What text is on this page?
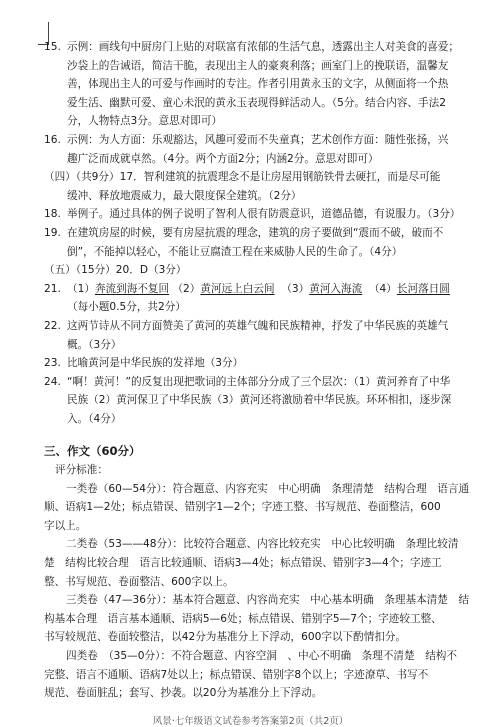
15. 示例：画线句中厨房门上贴的对联富有浓郁的生活气息，透露出主人对美食的喜爱；
沙袋上的告诫语，简洁干脆，表现出主人的豪爽利落；画室门上的挽联语，温馨友
善，体现出主人的可爱与作画时的专注。作者引用黄永玉的文字，从侧面将一个热
爱生活、幽默可爱、童心未泯的黄永玉表现得鲜活动人。（5分。结合内容、手法2
分，人物特点3分。意思对即可）
16. 示例：为人方面：乐观豁达，风趣可爱而不失童真；艺术创作方面：随性张扬，兴
趣广泛而成就卓然。（4分。两个方面2分；内涵2分。意思对即可）
（四）（共9分）17．智利建筑的抗震理念不是让房屋用钢筋铁骨去硬扛，而是尽可能
缓冲、释放地震威力，最大限度保全建筑。（2分）
18. 举例子。通过具体的例子说明了智利人很有防震意识，道德品德，有说服力。（3分）
19. 在建筑房屋的时候，要有房屋抗震的理念，建筑的房子要做到“震而不破，破而不
倒”，不能掉以轻心，不能让豆腐渣工程在来威胁人民的生命了。（4分）
（五）（15分）20．D（3分）
21. （1）奔流到海不复回 （2）黄河远上白云间 （3）黄河入海流 （4）长河落日圆
（每小题0.5分，共2分）
22. 这两节诗从不同方面赞美了黄河的英雄气魄和民族精神，抒发了中华民族的英雄气
概。（3分）
23. 比喻黄河是中华民族的发祥地（3分）
24. “啊！黄河！”的反复出现把歌词的主体部分分成了三个层次：（1）黄河养育了中华
民族（2）黄河保卫了中华民族（3）黄河还将激励着中华民族。环环相扣，逐步深
入。（4分）
三、作文（60分）
评分标准：
一类卷（60—54分）：符合题意、内容充实　中心明确　条理清楚　结构合理　语言通
顺、语病1—2处；标点错误、错别字1—2个；字迹工整、书写规范、卷面整洁，600
字以上。
二类卷（53——48分）：比较符合题意、内容比较充实　中心比较明确　条理比较清
楚　结构比较合理　语言比较通顺、语病3—4处；标点错误、错别字3—4个；字迹工
整、书写规范、卷面整洁、600字以上。
三类卷（47—36分）：基本符合题意、内容尚充实　中心基本明确　条理基本清楚　结
构基本合理　语言基本通顺、语病5—6处；标点错误、错别字5—7个；字迹较工整、
书写较规范、卷面较整洁，以42分为基准分上下浮动，600字以下酌情扣分。
四类卷　（35—0分）：不符合题意、内容空洞　、中心不明确　条理不清楚　结构不
完整、语言不通顺、语病7处以上；标点错误、错别字8个以上；字迹潦草、书写不
规范、卷面脏乱；套写、抄袭。以20分为基准分上下浮动。
风景·七年级语文试卷参考答案第2页（共2页）
